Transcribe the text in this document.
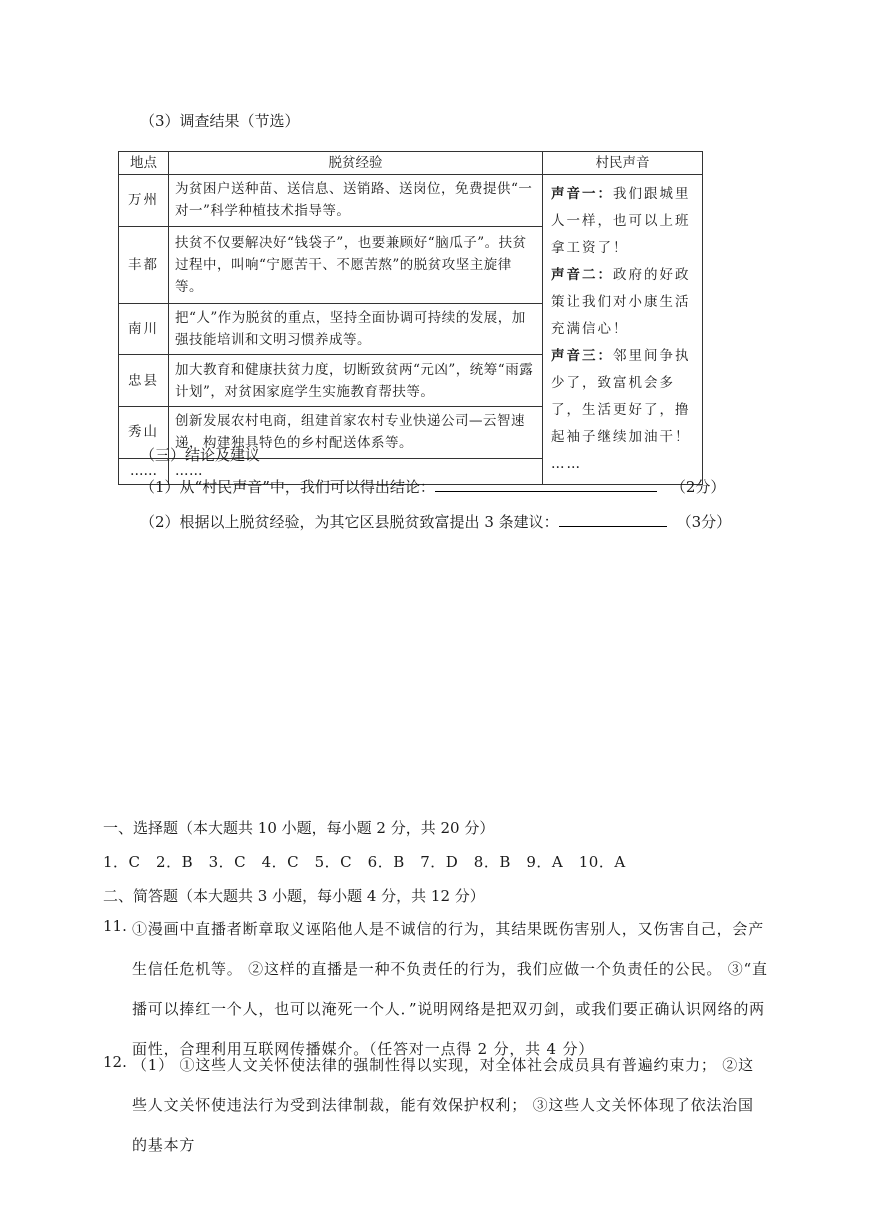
（3）调查结果（节选）
地点	脱贫经验	村民声音
万州	为贫困户送种苗、送信息、送销路、送岗位，免费提供“一对一”科学种植技术指导等。	声音一：我们跟城里人一样，也可以上班拿工资了！
声音二：政府的好政策让我们对小康生活充满信心！
声音三：邻里间争执少了，致富机会多了，生活更好了，撸起袖子继续加油干！
……

丰都	扶贫不仅要解决好“钱袋子”，也要兼顾好“脑瓜子”。扶贫过程中，叫响“宁愿苦干、不愿苦熬”的脱贫攻坚主旋律等。	
南川	把“人”作为脱贫的重点，坚持全面协调可持续的发展，加强技能培训和文明习惯养成等。	
忠县	加大教育和健康扶贫力度，切断致贫两“元凶”，统筹“雨露计划”，对贫困家庭学生实施教育帮扶等。	
秀山	创新发展农村电商，组建首家农村专业快递公司—云智速递，构建独具特色的乡村配送体系等。	
……	……	
（三）结论及建议
（1）从“村民声音”中，我们可以得出结论：	（2分）
（2）根据以上脱贫经验，为其它区县脱贫致富提出 3 条建议：	（3分）
一、选择题（本大题共 10 小题，每小题 2 分，共 20 分）
1．C　2．B　3．C　4．C　5．C　6．B　7．D　8．B　9．A　10．A
二、简答题（本大题共 3 小题，每小题 4 分，共 12 分）
11. ①漫画中直播者断章取义诬陷他人是不诚信的行为，其结果既伤害别人，又伤害自己，会产生信任危机等。 ②这样的直播是一种不负责任的行为，我们应做一个负责任的公民。 ③“直播可以捧红一个人，也可以淹死一个人．”说明网络是把双刃剑，或我们要正确认识网络的两面性，合理利用互联网传播媒介。（任答对一点得 2 分，共 4 分）
12. （1） ①这些人文关怀使法律的强制性得以实现，对全体社会成员具有普遍约束力； ②这些人文关怀使违法行为受到法律制裁，能有效保护权利； ③这些人文关怀体现了依法治国的基本方
